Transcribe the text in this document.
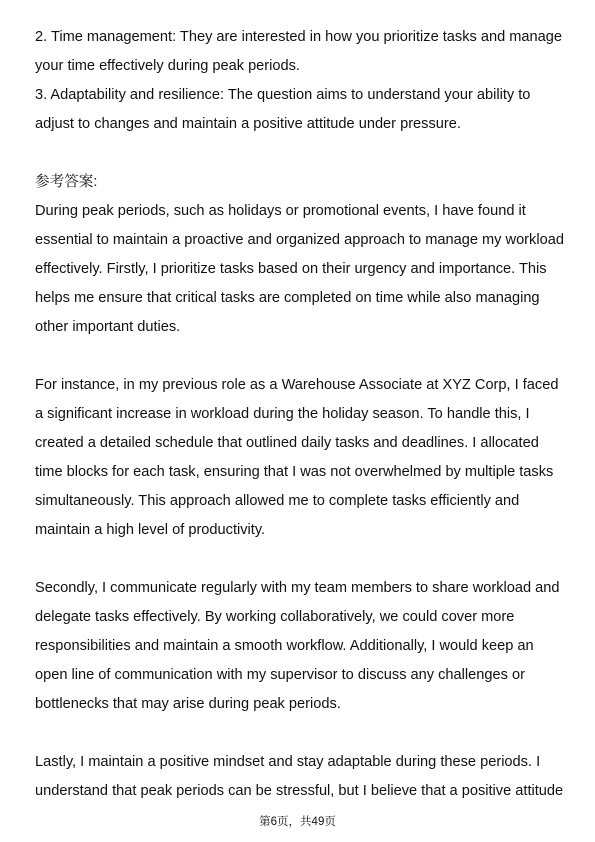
2. Time management: They are interested in how you prioritize tasks and manage
your time effectively during peak periods.
3. Adaptability and resilience: The question aims to understand your ability to
adjust to changes and maintain a positive attitude under pressure.
参考答案:
During peak periods, such as holidays or promotional events, I have found it
essential to maintain a proactive and organized approach to manage my workload
effectively. Firstly, I prioritize tasks based on their urgency and importance. This
helps me ensure that critical tasks are completed on time while also managing
other important duties.
For instance, in my previous role as a Warehouse Associate at XYZ Corp, I faced
a significant increase in workload during the holiday season. To handle this, I
created a detailed schedule that outlined daily tasks and deadlines. I allocated
time blocks for each task, ensuring that I was not overwhelmed by multiple tasks
simultaneously. This approach allowed me to complete tasks efficiently and
maintain a high level of productivity.
Secondly, I communicate regularly with my team members to share workload and
delegate tasks effectively. By working collaboratively, we could cover more
responsibilities and maintain a smooth workflow. Additionally, I would keep an
open line of communication with my supervisor to discuss any challenges or
bottlenecks that may arise during peak periods.
Lastly, I maintain a positive mindset and stay adaptable during these periods. I
understand that peak periods can be stressful, but I believe that a positive attitude
第6页，共49页
